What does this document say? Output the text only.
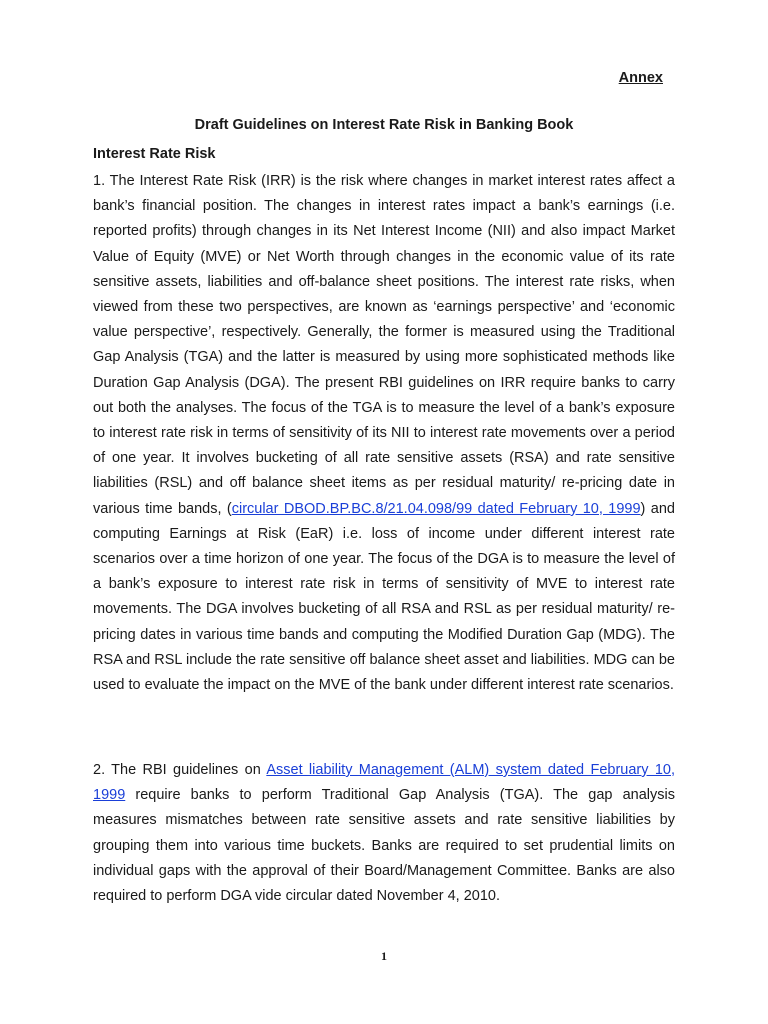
Annex
Draft Guidelines on Interest Rate Risk in Banking Book
Interest Rate Risk

1. The Interest Rate Risk (IRR) is the risk where changes in market interest rates affect a bank’s financial position. The changes in interest rates impact a bank’s earnings (i.e. reported profits) through changes in its Net Interest Income (NII) and also impact Market Value of Equity (MVE) or Net Worth through changes in the economic value of its rate sensitive assets, liabilities and off-balance sheet positions. The interest rate risks, when viewed from these two perspectives, are known as ‘earnings perspective’ and ‘economic value perspective’, respectively. Generally, the former is measured using the Traditional Gap Analysis (TGA) and the latter is measured by using more sophisticated methods like Duration Gap Analysis (DGA). The present RBI guidelines on IRR require banks to carry out both the analyses. The focus of the TGA is to measure the level of a bank’s exposure to interest rate risk in terms of sensitivity of its NII to interest rate movements over a period of one year. It involves bucketing of all rate sensitive assets (RSA) and rate sensitive liabilities (RSL) and off balance sheet items as per residual maturity/ re-pricing date in various time bands, (circular DBOD.BP.BC.8/21.04.098/99 dated February 10, 1999) and computing Earnings at Risk (EaR) i.e. loss of income under different interest rate scenarios over a time horizon of one year. The focus of the DGA is to measure the level of a bank’s exposure to interest rate risk in terms of sensitivity of MVE to interest rate movements. The DGA involves bucketing of all RSA and RSL as per residual maturity/ re-pricing dates in various time bands and computing the Modified Duration Gap (MDG). The RSA and RSL include the rate sensitive off balance sheet asset and liabilities. MDG can be used to evaluate the impact on the MVE of the bank under different interest rate scenarios.

2. The RBI guidelines on Asset liability Management (ALM) system dated February 10, 1999 require banks to perform Traditional Gap Analysis (TGA). The gap analysis measures mismatches between rate sensitive assets and rate sensitive liabilities by grouping them into various time buckets. Banks are required to set prudential limits on individual gaps with the approval of their Board/Management Committee. Banks are also required to perform DGA vide circular dated November 4, 2010.

1
